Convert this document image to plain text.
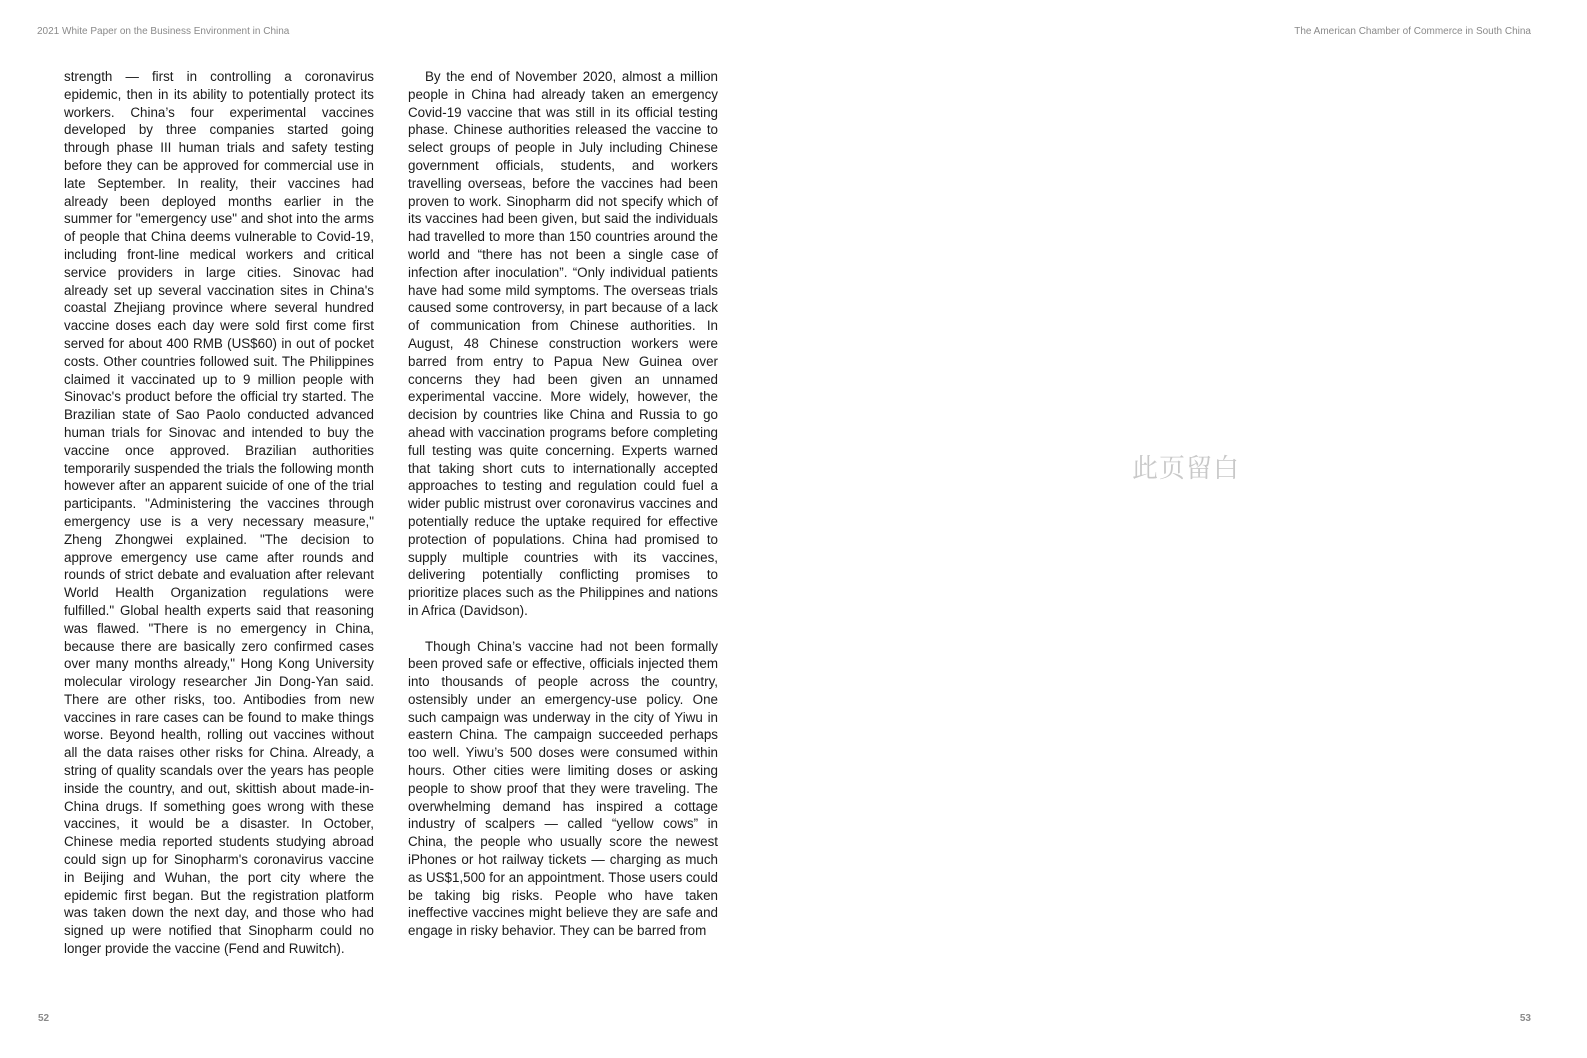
2021 White Paper on the Business Environment in China

strength — first in controlling a coronavirus epidemic, then in its ability to potentially protect its workers. China’s four experimental vaccines developed by three companies started going through phase III human trials and safety testing before they can be approved for commercial use in late September. In reality, their vaccines had already been deployed months earlier in the summer for "emergency use" and shot into the arms of people that China deems vulnerable to Covid-19, including front-line medical workers and critical service providers in large cities. Sinovac had already set up several vaccination sites in China's coastal Zhejiang province where several hundred vaccine doses each day were sold first come first served for about 400 RMB (US$60) in out of pocket costs. Other countries followed suit. The Philippines claimed it vaccinated up to 9 million people with Sinovac's product before the official try started. The Brazilian state of Sao Paolo conducted advanced human trials for Sinovac and intended to buy the vaccine once approved. Brazilian authorities temporarily suspended the trials the following month however after an apparent suicide of one of the trial participants. "Administering the vaccines through emergency use is a very necessary measure," Zheng Zhongwei explained. "The decision to approve emergency use came after rounds and rounds of strict debate and evaluation after relevant World Health Organization regulations were fulfilled." Global health experts said that reasoning was flawed. "There is no emergency in China, because there are basically zero confirmed cases over many months already," Hong Kong University molecular virology researcher Jin Dong-Yan said. There are other risks, too. Antibodies from new vaccines in rare cases can be found to make things worse. Beyond health, rolling out vaccines without all the data raises other risks for China. Already, a string of quality scandals over the years has people inside the country, and out, skittish about made-in-China drugs. If something goes wrong with these vaccines, it would be a disaster. In October, Chinese media reported students studying abroad could sign up for Sinopharm's coronavirus vaccine in Beijing and Wuhan, the port city where the epidemic first began. But the registration platform was taken down the next day, and those who had signed up were notified that Sinopharm could no longer provide the vaccine (Fend and Ruwitch).

By the end of November 2020, almost a million people in China had already taken an emergency Covid-19 vaccine that was still in its official testing phase. Chinese authorities released the vaccine to select groups of people in July including Chinese government officials, students, and workers travelling overseas, before the vaccines had been proven to work. Sinopharm did not specify which of its vaccines had been given, but said the individuals had travelled to more than 150 countries around the world and “there has not been a single case of infection after inoculation”. “Only individual patients have had some mild symptoms. The overseas trials caused some controversy, in part because of a lack of communication from Chinese authorities. In August, 48 Chinese construction workers were barred from entry to Papua New Guinea over concerns they had been given an unnamed experimental vaccine. More widely, however, the decision by countries like China and Russia to go ahead with vaccination programs before completing full testing was quite concerning. Experts warned that taking short cuts to internationally accepted approaches to testing and regulation could fuel a wider public mistrust over coronavirus vaccines and potentially reduce the uptake required for effective protection of populations. China had promised to supply multiple countries with its vaccines, delivering potentially conflicting promises to prioritize places such as the Philippines and nations in Africa (Davidson).

Though China’s vaccine had not been formally been proved safe or effective, officials injected them into thousands of people across the country, ostensibly under an emergency-use policy. One such campaign was underway in the city of Yiwu in eastern China. The campaign succeeded perhaps too well. Yiwu’s 500 doses were consumed within hours. Other cities were limiting doses or asking people to show proof that they were traveling. The overwhelming demand has inspired a cottage industry of scalpers — called “yellow cows” in China, the people who usually score the newest iPhones or hot railway tickets — charging as much as US$1,500 for an appointment. Those users could be taking big risks. People who have taken ineffective vaccines might believe they are safe and engage in risky behavior. They can be barred from

52
The American Chamber of Commerce in South China
此页留白
53
